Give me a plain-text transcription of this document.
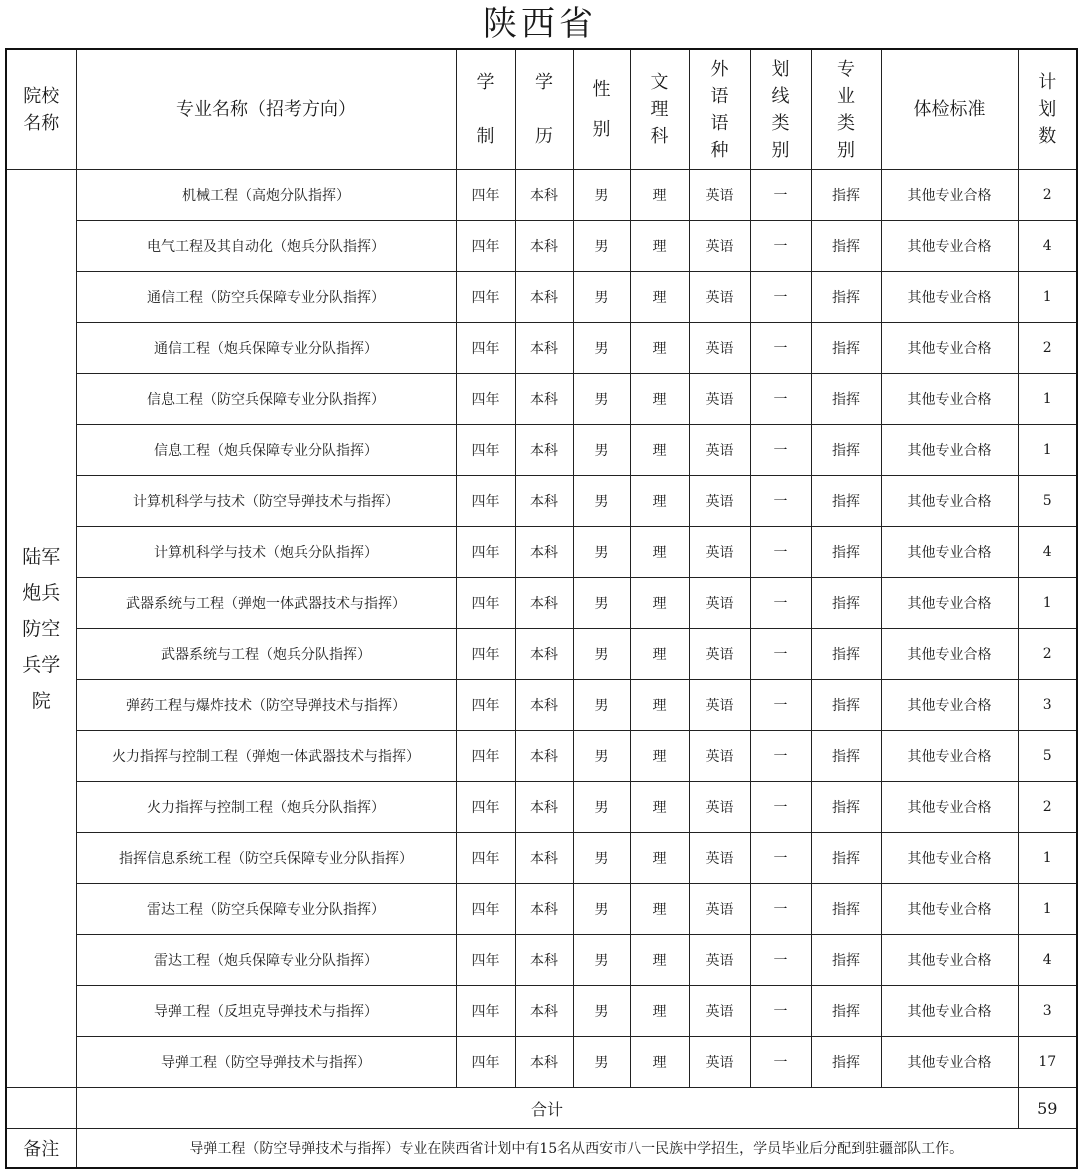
陕西省
院校名称	专业名称（招考方向）	学制	学历	性别	文理科	外语语种	划线类别	专业类别	体检标准	计划数
陆军炮兵防空兵学院	机械工程（高炮分队指挥）	四年	本科	男	理	英语	一	指挥	其他专业合格	2
	电气工程及其自动化（炮兵分队指挥）	四年	本科	男	理	英语	一	指挥	其他专业合格	4
	通信工程（防空兵保障专业分队指挥）	四年	本科	男	理	英语	一	指挥	其他专业合格	1
	通信工程（炮兵保障专业分队指挥）	四年	本科	男	理	英语	一	指挥	其他专业合格	2
	信息工程（防空兵保障专业分队指挥）	四年	本科	男	理	英语	一	指挥	其他专业合格	1
	信息工程（炮兵保障专业分队指挥）	四年	本科	男	理	英语	一	指挥	其他专业合格	1
	计算机科学与技术（防空导弹技术与指挥）	四年	本科	男	理	英语	一	指挥	其他专业合格	5
	计算机科学与技术（炮兵分队指挥）	四年	本科	男	理	英语	一	指挥	其他专业合格	4
	武器系统与工程（弹炮一体武器技术与指挥）	四年	本科	男	理	英语	一	指挥	其他专业合格	1
	武器系统与工程（炮兵分队指挥）	四年	本科	男	理	英语	一	指挥	其他专业合格	2
	弹药工程与爆炸技术（防空导弹技术与指挥）	四年	本科	男	理	英语	一	指挥	其他专业合格	3
	火力指挥与控制工程（弹炮一体武器技术与指挥）	四年	本科	男	理	英语	一	指挥	其他专业合格	5
	火力指挥与控制工程（炮兵分队指挥）	四年	本科	男	理	英语	一	指挥	其他专业合格	2
	指挥信息系统工程（防空兵保障专业分队指挥）	四年	本科	男	理	英语	一	指挥	其他专业合格	1
	雷达工程（防空兵保障专业分队指挥）	四年	本科	男	理	英语	一	指挥	其他专业合格	1
	雷达工程（炮兵保障专业分队指挥）	四年	本科	男	理	英语	一	指挥	其他专业合格	4
	导弹工程（反坦克导弹技术与指挥）	四年	本科	男	理	英语	一	指挥	其他专业合格	3
	导弹工程（防空导弹技术与指挥）	四年	本科	男	理	英语	一	指挥	其他专业合格	17
	合计									59
备注	导弹工程（防空导弹技术与指挥）专业在陕西省计划中有15名从西安市八一民族中学招生，学员毕业后分配到驻疆部队工作。									
